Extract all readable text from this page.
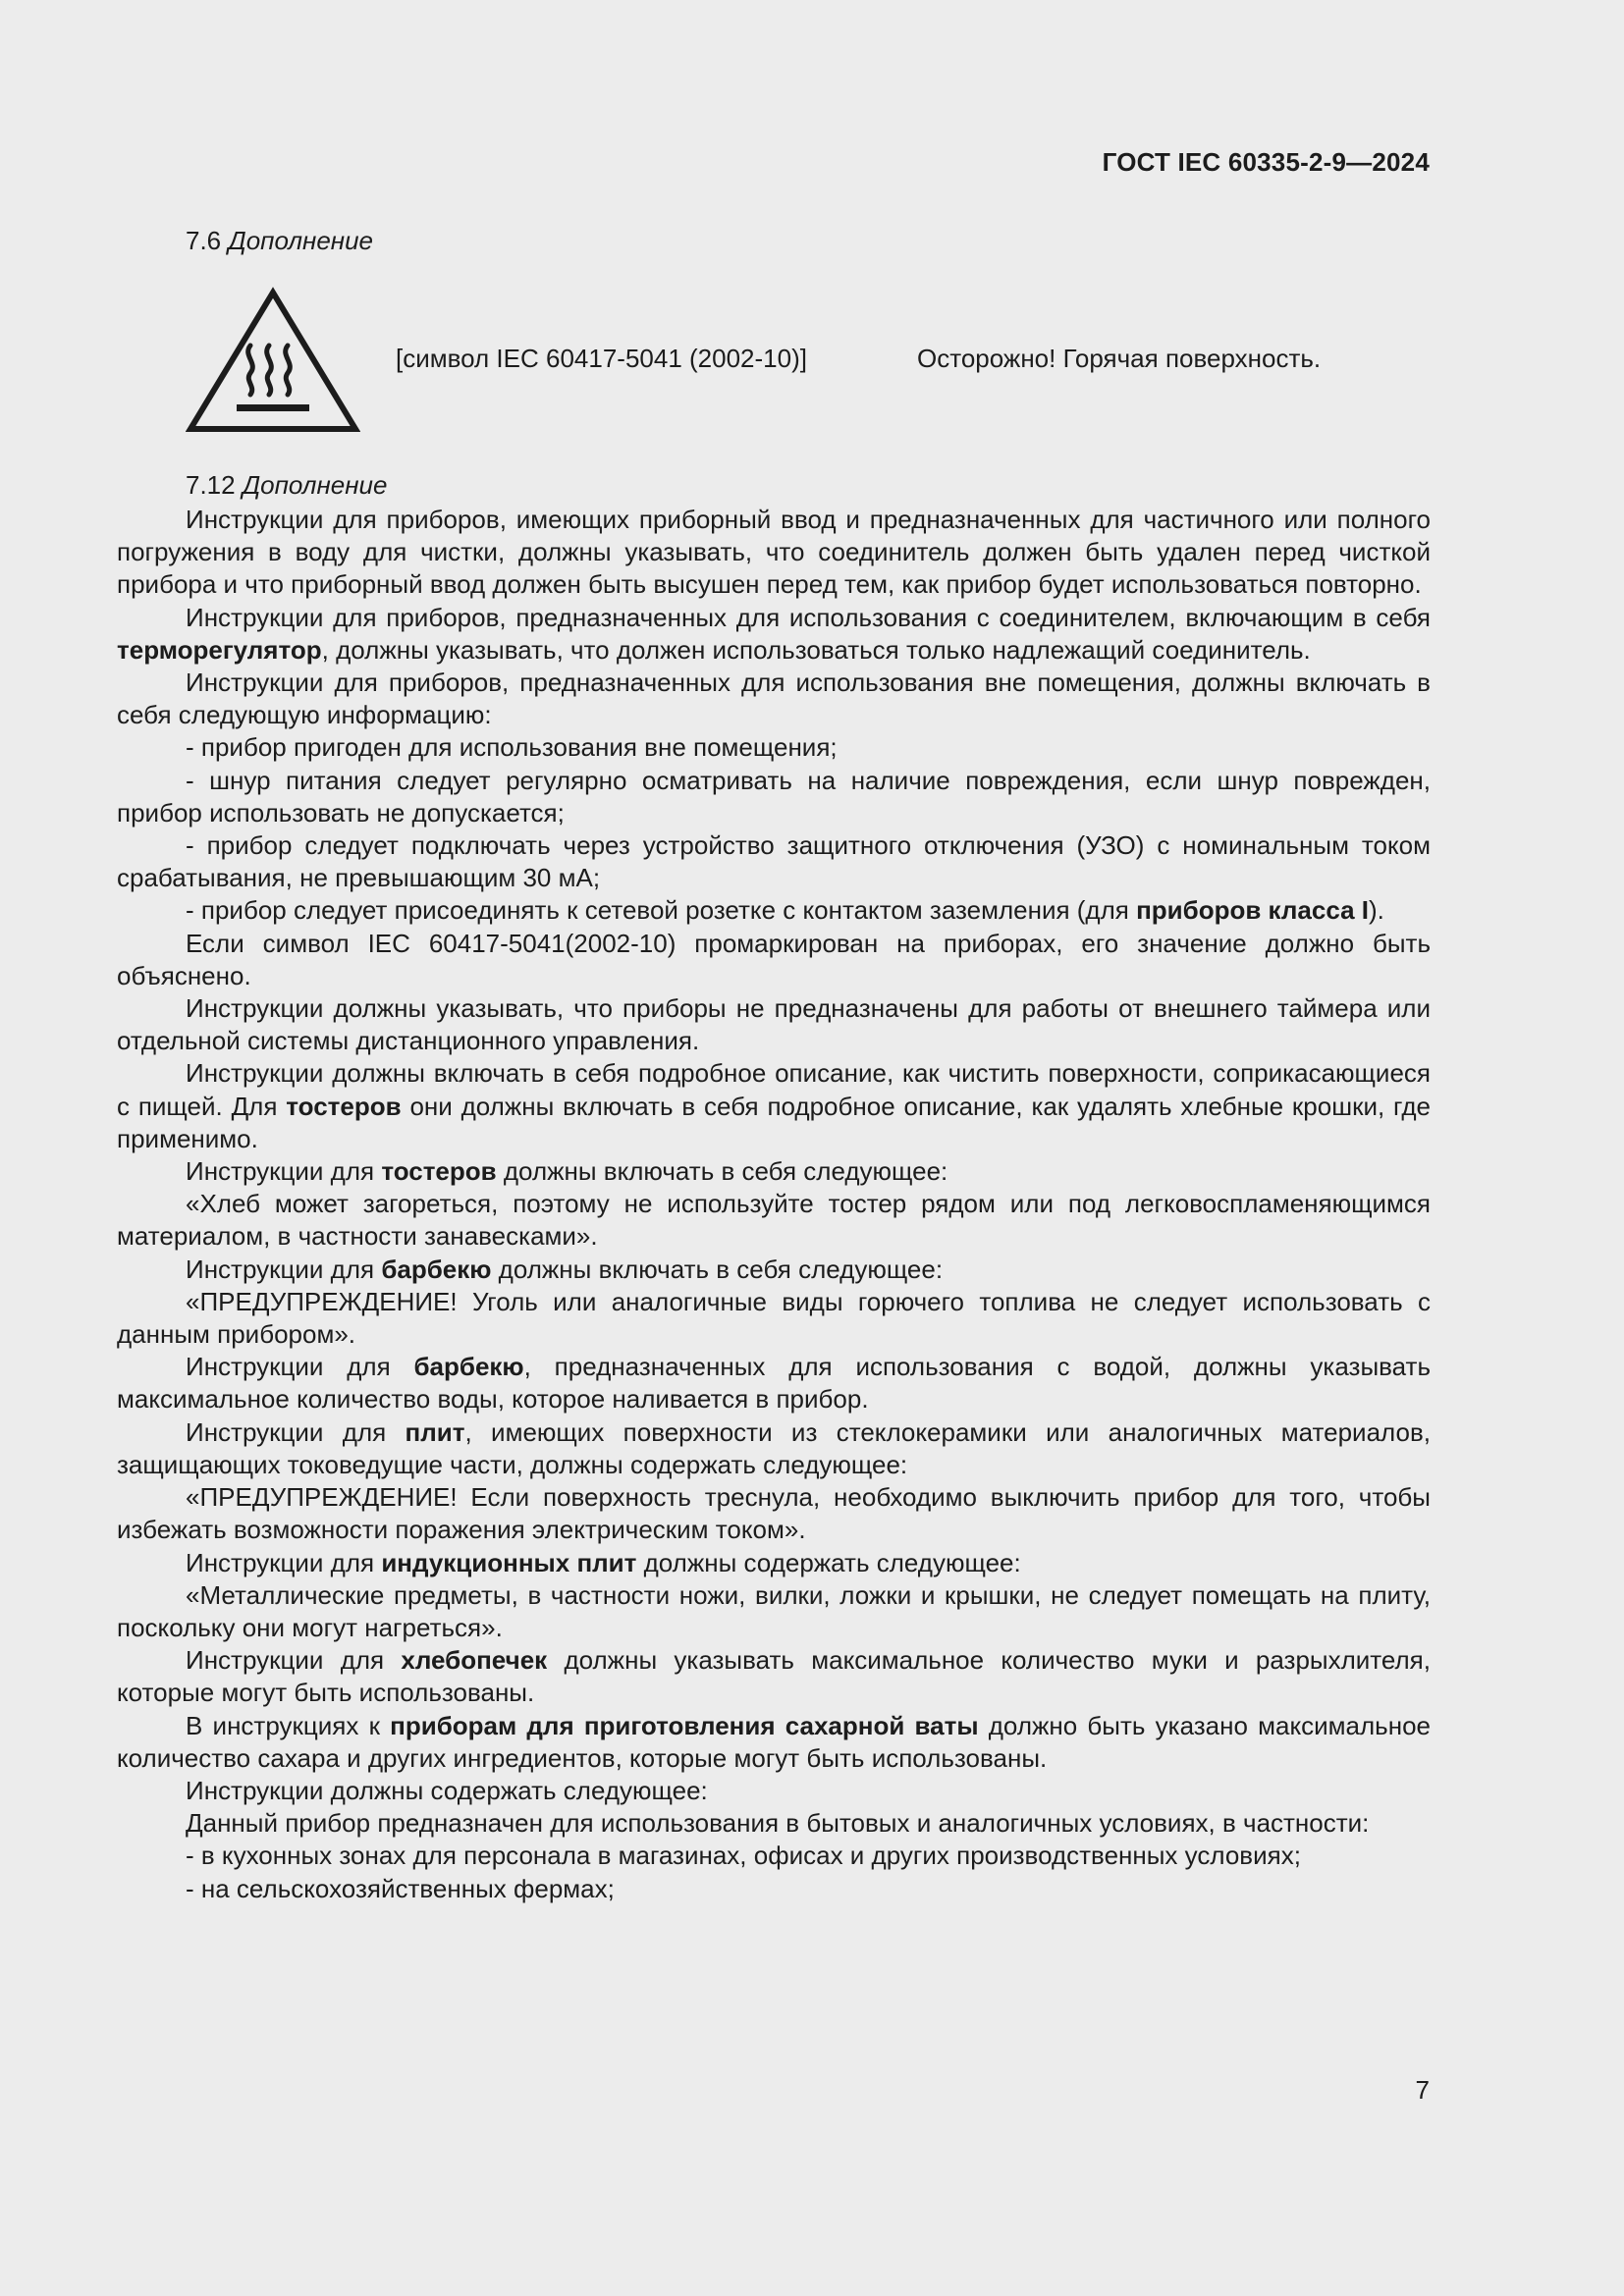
ГОСТ IEC 60335-2-9—2024
7.6 Дополнение
[символ IEC 60417-5041 (2002-10)]	Осторожно! Горячая поверхность.
7.12 Дополнение

Инструкции для приборов, имеющих приборный ввод и предназначенных для частичного или полного погружения в воду для чистки, должны указывать, что соединитель должен быть удален перед чисткой прибора и что приборный ввод должен быть высушен перед тем, как прибор будет использоваться повторно.

Инструкции для приборов, предназначенных для использования с соединителем, включающим в себя терморегулятор, должны указывать, что должен использоваться только надлежащий соединитель.

Инструкции для приборов, предназначенных для использования вне помещения, должны включать в себя следующую информацию:

- прибор пригоден для использования вне помещения;

- шнур питания следует регулярно осматривать на наличие повреждения, если шнур поврежден, прибор использовать не допускается;

- прибор следует подключать через устройство защитного отключения (УЗО) с номинальным током срабатывания, не превышающим 30 мА;

- прибор следует присоединять к сетевой розетке с контактом заземления (для приборов класса I).

Если символ IEC 60417-5041(2002-10) промаркирован на приборах, его значение должно быть объяснено.

Инструкции должны указывать, что приборы не предназначены для работы от внешнего таймера или отдельной системы дистанционного управления.

Инструкции должны включать в себя подробное описание, как чистить поверхности, соприкасающиеся с пищей. Для тостеров они должны включать в себя подробное описание, как удалять хлебные крошки, где применимо.

Инструкции для тостеров должны включать в себя следующее:

«Хлеб может загореться, поэтому не используйте тостер рядом или под легковоспламеняющимся материалом, в частности занавесками».

Инструкции для барбекю должны включать в себя следующее:

«ПРЕДУПРЕЖДЕНИЕ! Уголь или аналогичные виды горючего топлива не следует использовать с данным прибором».

Инструкции для барбекю, предназначенных для использования с водой, должны указывать максимальное количество воды, которое наливается в прибор.

Инструкции для плит, имеющих поверхности из стеклокерамики или аналогичных материалов, защищающих токоведущие части, должны содержать следующее:

«ПРЕДУПРЕЖДЕНИЕ! Если поверхность треснула, необходимо выключить прибор для того, чтобы избежать возможности поражения электрическим током».

Инструкции для индукционных плит должны содержать следующее:

«Металлические предметы, в частности ножи, вилки, ложки и крышки, не следует помещать на плиту, поскольку они могут нагреться».

Инструкции для хлебопечек должны указывать максимальное количество муки и разрыхлителя, которые могут быть использованы.

В инструкциях к приборам для приготовления сахарной ваты должно быть указано максимальное количество сахара и других ингредиентов, которые могут быть использованы.

Инструкции должны содержать следующее:

Данный прибор предназначен для использования в бытовых и аналогичных условиях, в частности:

- в кухонных зонах для персонала в магазинах, офисах и других производственных условиях;

- на сельскохозяйственных фермах;

7
